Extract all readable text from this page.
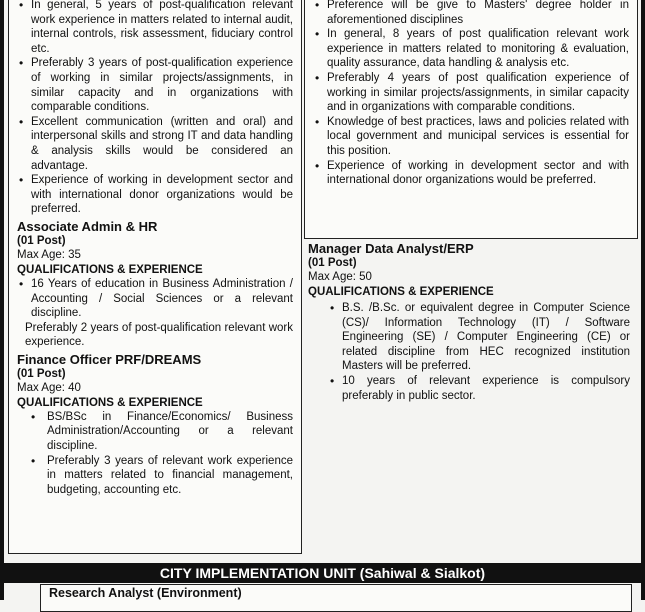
• In general, 5 years of post-qualification relevant work experience in matters related to internal audit, internal controls, risk assessment, fiduciary control etc.
• Preferably 3 years of post-qualification experience of working in similar projects/assignments, in similar capacity and in organizations with comparable conditions.
• Excellent communication (written and oral) and interpersonal skills and strong IT and data handling & analysis skills would be considered an advantage.
• Experience of working in development sector and with international donor organizations would be preferred.
Associate Admin & HR
(01 Post)
Max Age: 35
QUALIFICATIONS & EXPERIENCE
• 16 Years of education in Business Administration / Accounting / Social Sciences or a relevant discipline.
Preferably 2 years of post-qualification relevant work experience.
Finance Officer PRF/DREAMS
(01 Post)
Max Age: 40
QUALIFICATIONS & EXPERIENCE
• BS/BSc in Finance/Economics/ Business Administration/Accounting or a relevant discipline.
• Preferably 3 years of relevant work experience in matters related to financial management, budgeting, accounting etc.
• Preference will be give to Masters' degree holder in aforementioned disciplines
• In general, 8 years of post qualification relevant work experience in matters related to monitoring & evaluation, quality assurance, data handling & analysis etc.
• Preferably 4 years of post qualification experience of working in similar projects/assignments, in similar capacity and in organizations with comparable conditions.
• Knowledge of best practices, laws and policies related with local government and municipal services is essential for this position.
• Experience of working in development sector and with international donor organizations would be preferred.
Manager Data Analyst/ERP
(01 Post)
Max Age: 50
QUALIFICATIONS & EXPERIENCE
• B.S. /B.Sc. or equivalent degree in Computer Science (CS)/ Information Technology (IT) / Software Engineering (SE) / Computer Engineering (CE) or related discipline from HEC recognized institution Masters will be preferred.
• 10 years of relevant experience is compulsory preferably in public sector.
CITY IMPLEMENTATION UNIT (Sahiwal & Sialkot)
Research Analyst (Environment)
